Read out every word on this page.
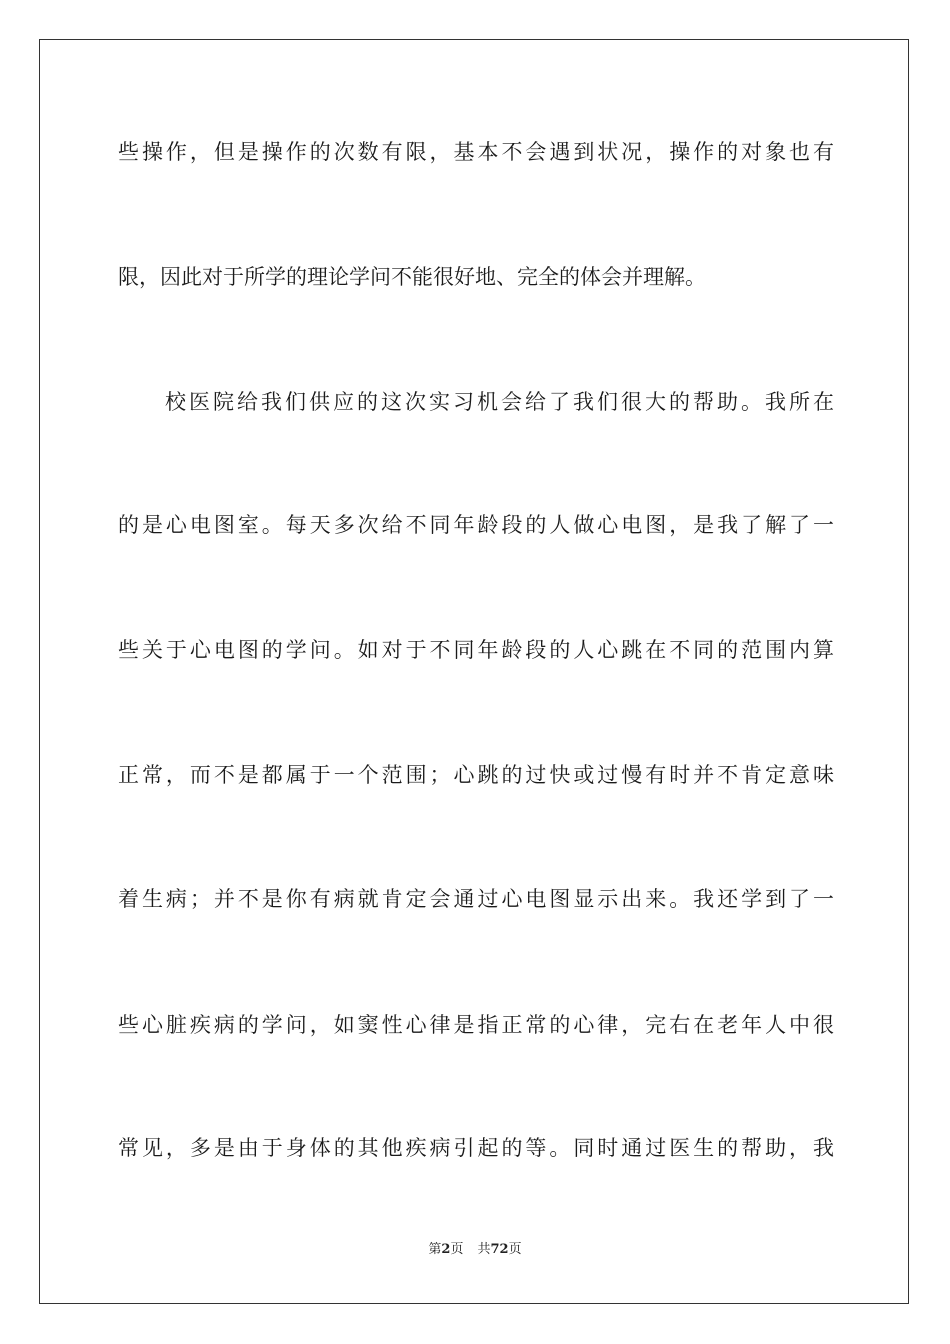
些操作，但是操作的次数有限，基本不会遇到状况，操作的对象也有
限，因此对于所学的理论学问不能很好地、完全的体会并理解。
校医院给我们供应的这次实习机会给了我们很大的帮助。我所在
的是心电图室。每天多次给不同年龄段的人做心电图，是我了解了一
些关于心电图的学问。如对于不同年龄段的人心跳在不同的范围内算
正常，而不是都属于一个范围；心跳的过快或过慢有时并不肯定意味
着生病；并不是你有病就肯定会通过心电图显示出来。我还学到了一
些心脏疾病的学问，如窦性心律是指正常的心律，完右在老年人中很
常见，多是由于身体的其他疾病引起的等。同时通过医生的帮助，我
第2页 共72页
